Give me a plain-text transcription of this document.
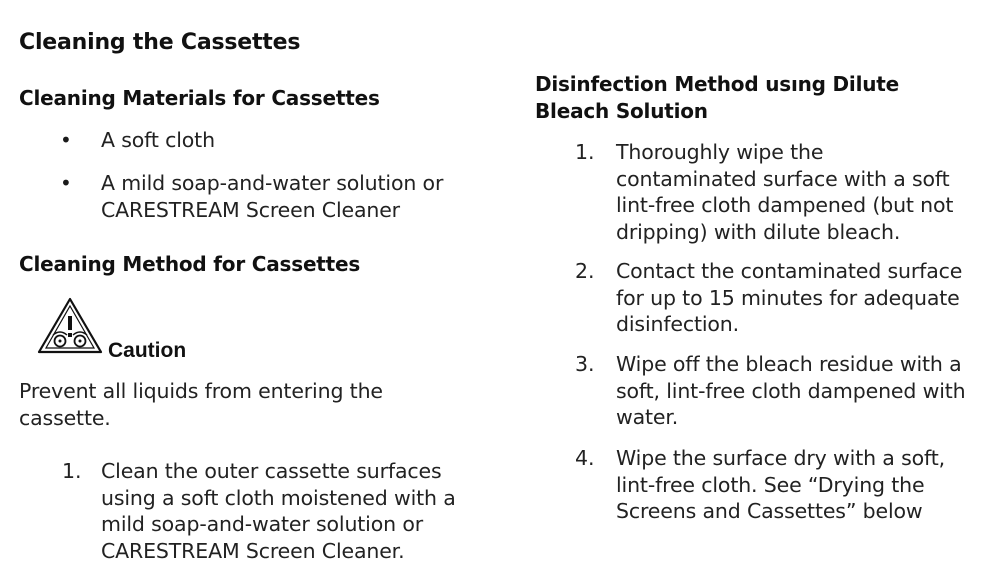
Cleaning the Cassettes
Cleaning Materials for Cassettes
• A soft cloth
• A mild soap-and-water solution or CARESTREAM Screen Cleaner
Cleaning Method for Cassettes
Caution
Prevent all liquids from entering the cassette.
1. Clean the outer cassette surfaces using a soft cloth moistened with a mild soap-and-water solution or CARESTREAM Screen Cleaner.
Disinfection Method usıng Dilute Bleach Solution
1. Thoroughly wipe the contaminated surface with a soft lint-free cloth dampened (but not dripping) with dilute bleach.
2. Contact the contaminated surface for up to 15 minutes for adequate disinfection.
3. Wipe off the bleach residue with a soft, lint-free cloth dampened with water.
4. Wipe the surface dry with a soft, lint-free cloth. See “Drying the Screens and Cassettes” below
